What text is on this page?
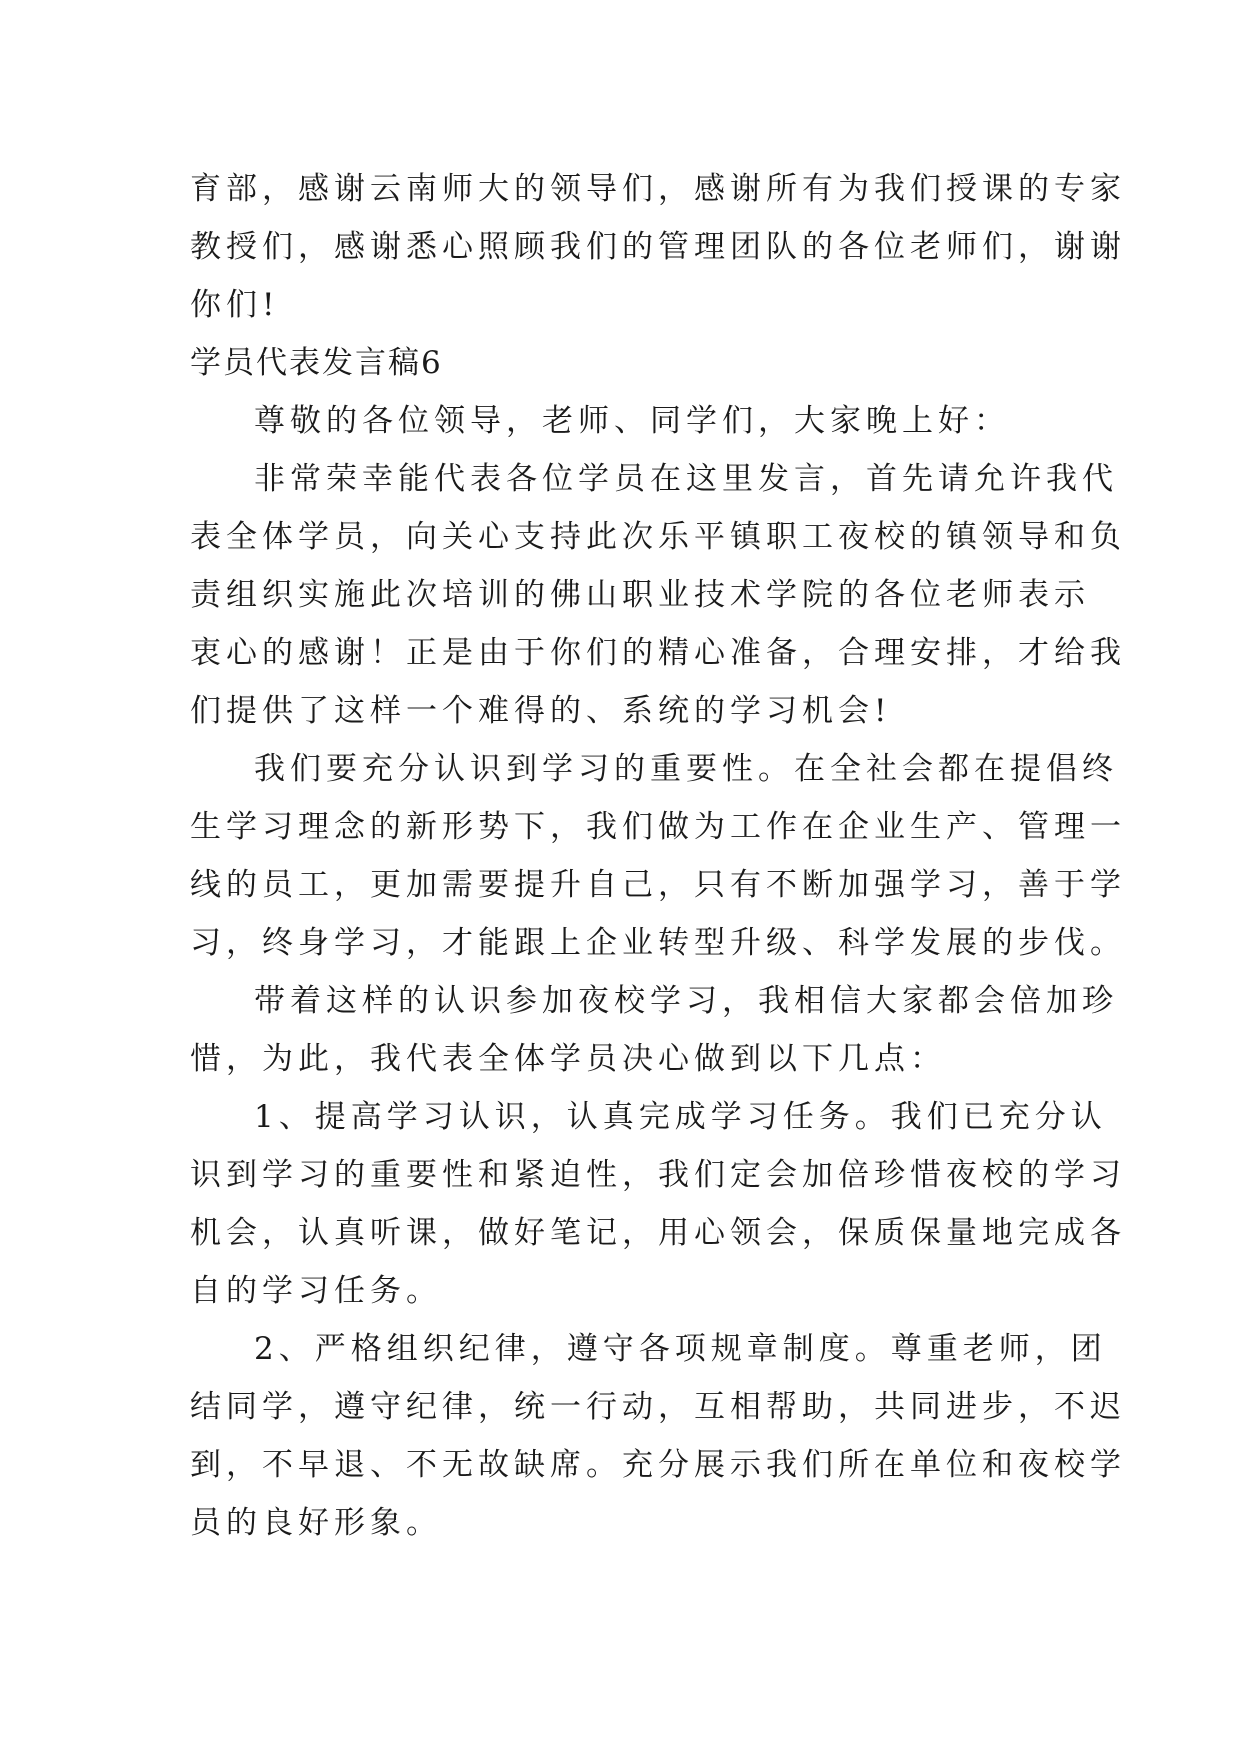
育部，感谢云南师大的领导们，感谢所有为我们授课的专家
教授们，感谢悉心照顾我们的管理团队的各位老师们，谢谢
你们!
学员代表发言稿6
尊敬的各位领导，老师、同学们，大家晚上好：
非常荣幸能代表各位学员在这里发言，首先请允许我代
表全体学员，向关心支持此次乐平镇职工夜校的镇领导和负
责组织实施此次培训的佛山职业技术学院的各位老师表示
衷心的感谢！正是由于你们的精心准备，合理安排，才给我
们提供了这样一个难得的、系统的学习机会!
我们要充分认识到学习的重要性。在全社会都在提倡终
生学习理念的新形势下，我们做为工作在企业生产、管理一
线的员工，更加需要提升自己，只有不断加强学习，善于学
习，终身学习，才能跟上企业转型升级、科学发展的步伐。
带着这样的认识参加夜校学习，我相信大家都会倍加珍
惜，为此，我代表全体学员决心做到以下几点：
1、提高学习认识，认真完成学习任务。我们已充分认
识到学习的重要性和紧迫性，我们定会加倍珍惜夜校的学习
机会，认真听课，做好笔记，用心领会，保质保量地完成各
自的学习任务。
2、严格组织纪律，遵守各项规章制度。尊重老师，团
结同学，遵守纪律，统一行动，互相帮助，共同进步，不迟
到，不早退、不无故缺席。充分展示我们所在单位和夜校学
员的良好形象。
